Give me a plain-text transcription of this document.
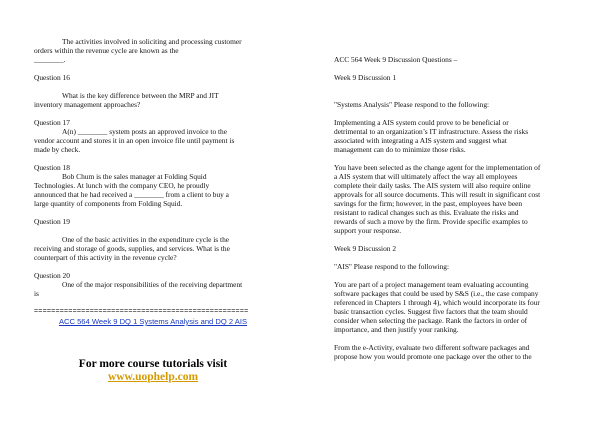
The activities involved in soliciting and processing customer

orders within the revenue cycle are known as the

________.

Question 16

What is the key difference between the MRP and JIT

inventory management approaches?

Question 17

A(n) ________ system posts an approved invoice to the

vendor account and stores it in an open invoice file until payment is

made by check.

Question 18

Bob Chum is the sales manager at Folding Squid

Technologies. At lunch with the company CEO, he proudly

announced that he had received a ________ from a client to buy a

large quantity of components from Folding Squid.

Question 19

One of the basic activities in the expenditure cycle is the

receiving and storage of goods, supplies, and services. What is the

counterpart of this activity in the revenue cycle?

Question 20

One of the major responsibilities of the receiving department

is

==================================================

ACC 564 Week 9 DQ 1 Systems Analysis and DQ 2 AIS

For more course tutorials visit
www.uophelp.com

ACC 564 Week 9 Discussion Questions –

Week 9 Discussion 1

"Systems Analysis" Please respond to the following:

Implementing a AIS system could prove to be beneficial or

detrimental to an organization’s IT infrastructure. Assess the risks

associated with integrating a AIS system and suggest what

management can do to minimize those risks.

You have been selected as the change agent for the implementation of

a AIS system that will ultimately affect the way all employees

complete their daily tasks. The AIS system will also require online

approvals for all source documents. This will result in significant cost

savings for the firm; however, in the past, employees have been

resistant to radical changes such as this. Evaluate the risks and

rewards of such a move by the firm. Provide specific examples to

support your response.

Week 9 Discussion 2

"AIS" Please respond to the following:

You are part of a project management team evaluating accounting

software packages that could be used by S&S (i.e., the case company

referenced in Chapters 1 through 4), which would incorporate its four

basic transaction cycles. Suggest five factors that the team should

consider when selecting the package. Rank the factors in order of

importance, and then justify your ranking.

From the e-Activity, evaluate two different software packages and

propose how you would promote one package over the other to the
